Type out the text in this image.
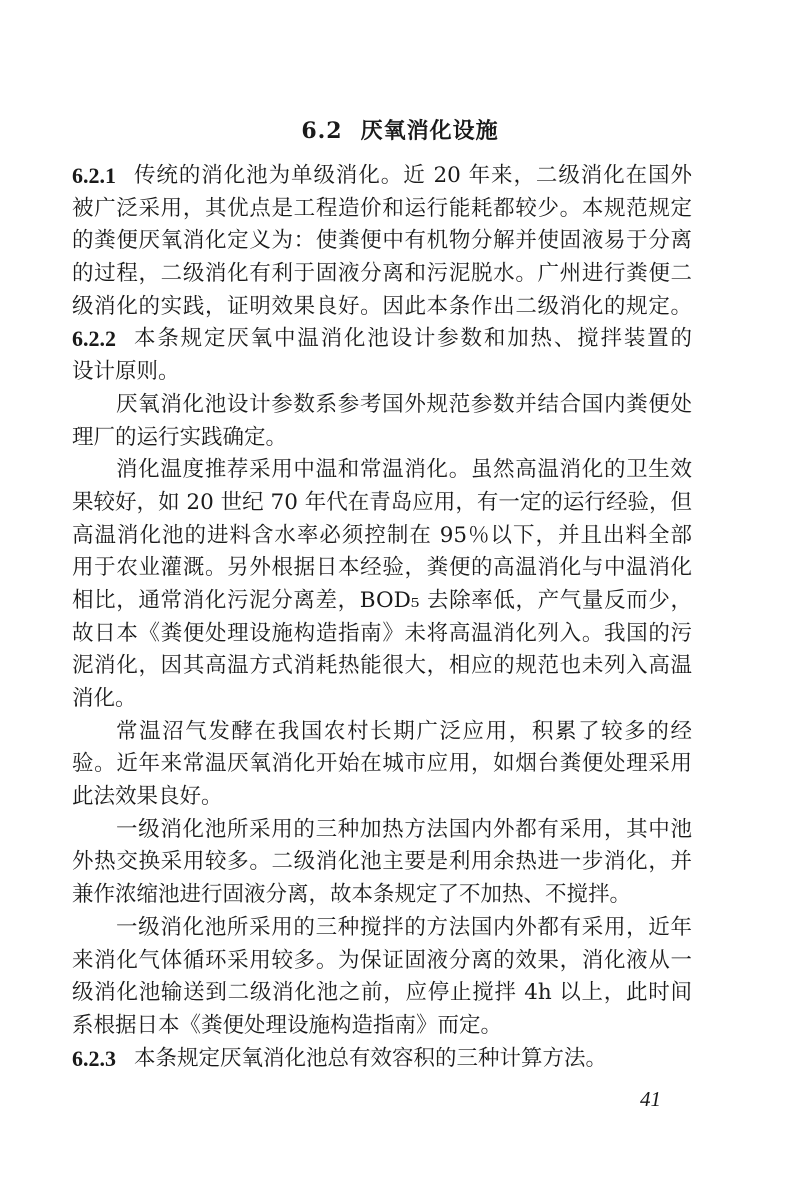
6.2 厌氧消化设施
6.2.1 传统的消化池为单级消化。近 20 年来，二级消化在国外
被广泛采用，其优点是工程造价和运行能耗都较少。本规范规定
的粪便厌氧消化定义为：使粪便中有机物分解并使固液易于分离
的过程，二级消化有利于固液分离和污泥脱水。广州进行粪便二
级消化的实践，证明效果良好。因此本条作出二级消化的规定。
6.2.2 本条规定厌氧中温消化池设计参数和加热、搅拌装置的
设计原则。
厌氧消化池设计参数系参考国外规范参数并结合国内粪便处
理厂的运行实践确定。
消化温度推荐采用中温和常温消化。虽然高温消化的卫生效
果较好，如 20 世纪 70 年代在青岛应用，有一定的运行经验，但
高温消化池的进料含水率必须控制在 95％以下，并且出料全部
用于农业灌溉。另外根据日本经验，粪便的高温消化与中温消化
相比，通常消化污泥分离差，BOD₅ 去除率低，产气量反而少，
故日本《粪便处理设施构造指南》未将高温消化列入。我国的污
泥消化，因其高温方式消耗热能很大，相应的规范也未列入高温
消化。
常温沼气发酵在我国农村长期广泛应用，积累了较多的经
验。近年来常温厌氧消化开始在城市应用，如烟台粪便处理采用
此法效果良好。
一级消化池所采用的三种加热方法国内外都有采用，其中池
外热交换采用较多。二级消化池主要是利用余热进一步消化，并
兼作浓缩池进行固液分离，故本条规定了不加热、不搅拌。
一级消化池所采用的三种搅拌的方法国内外都有采用，近年
来消化气体循环采用较多。为保证固液分离的效果，消化液从一
级消化池输送到二级消化池之前，应停止搅拌 4h 以上，此时间
系根据日本《粪便处理设施构造指南》而定。
6.2.3 本条规定厌氧消化池总有效容积的三种计算方法。
41
